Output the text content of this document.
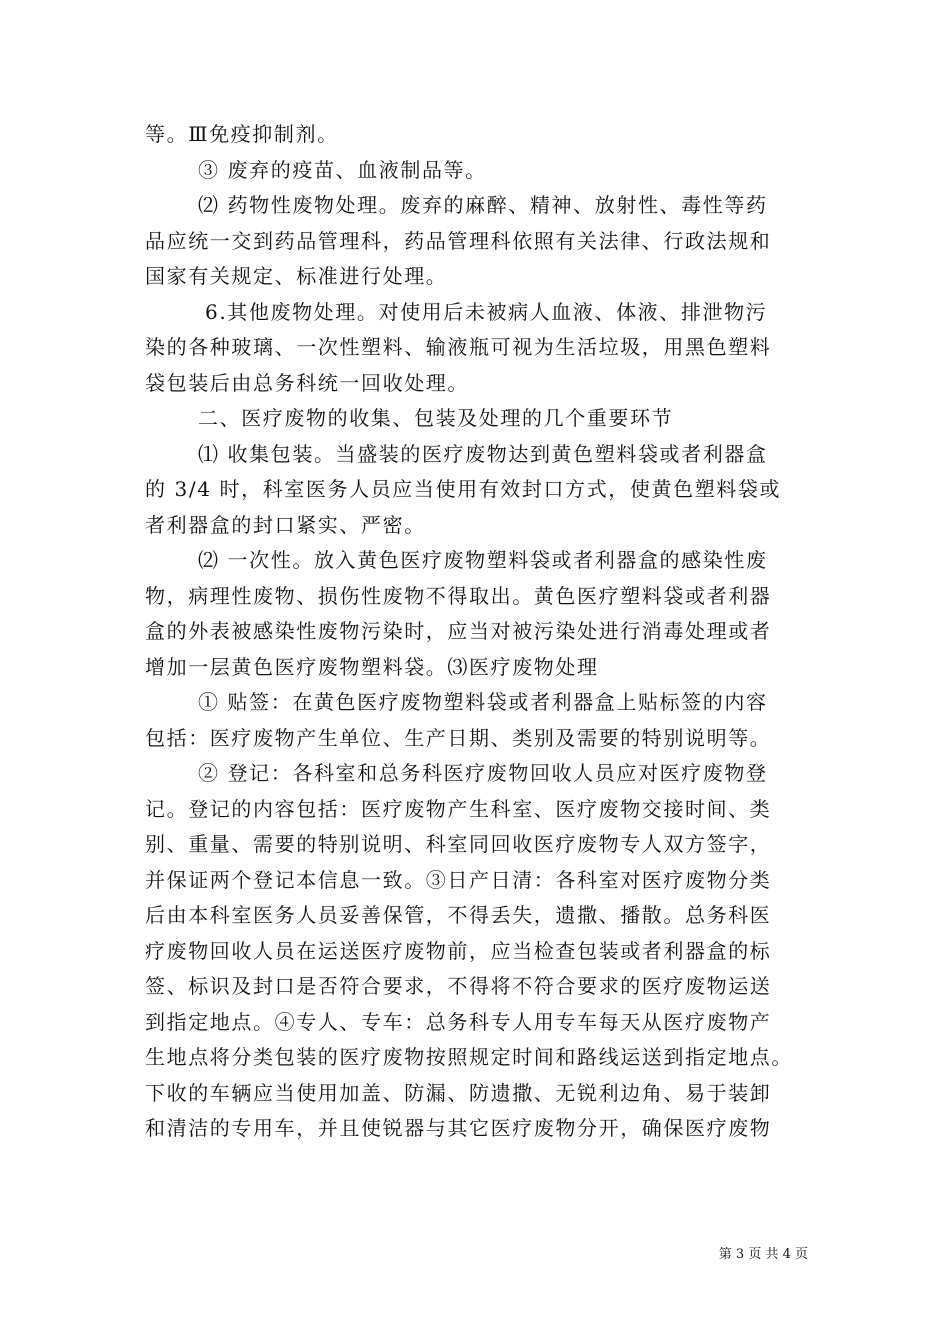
等。Ⅲ免疫抑制剂。

③ 废弃的疫苗、血液制品等。

⑵ 药物性废物处理。废弃的麻醉、精神、放射性、毒性等药

品应统一交到药品管理科，药品管理科依照有关法律、行政法规和

国家有关规定、标准进行处理。

6.其他废物处理。对使用后未被病人血液、体液、排泄物污

染的各种玻璃、一次性塑料、输液瓶可视为生活垃圾，用黑色塑料

袋包装后由总务科统一回收处理。

二、医疗废物的收集、包装及处理的几个重要环节

⑴ 收集包装。当盛装的医疗废物达到黄色塑料袋或者利器盒

的 3/4 时，科室医务人员应当使用有效封口方式，使黄色塑料袋或

者利器盒的封口紧实、严密。

⑵ 一次性。放入黄色医疗废物塑料袋或者利器盒的感染性废

物，病理性废物、损伤性废物不得取出。黄色医疗塑料袋或者利器

盒的外表被感染性废物污染时，应当对被污染处进行消毒处理或者

增加一层黄色医疗废物塑料袋。⑶医疗废物处理

① 贴签：在黄色医疗废物塑料袋或者利器盒上贴标签的内容

包括：医疗废物产生单位、生产日期、类别及需要的特别说明等。

② 登记：各科室和总务科医疗废物回收人员应对医疗废物登

记。登记的内容包括：医疗废物产生科室、医疗废物交接时间、类

别、重量、需要的特别说明、科室同回收医疗废物专人双方签字，

并保证两个登记本信息一致。③日产日清：各科室对医疗废物分类

后由本科室医务人员妥善保管，不得丢失，遗撒、播散。总务科医

疗废物回收人员在运送医疗废物前，应当检查包装或者利器盒的标

签、标识及封口是否符合要求，不得将不符合要求的医疗废物运送

到指定地点。④专人、专车：总务科专人用专车每天从医疗废物产

生地点将分类包装的医疗废物按照规定时间和路线运送到指定地点。

下收的车辆应当使用加盖、防漏、防遗撒、无锐利边角、易于装卸

和清洁的专用车，并且使锐器与其它医疗废物分开，确保医疗废物

第 3 页 共 4 页
